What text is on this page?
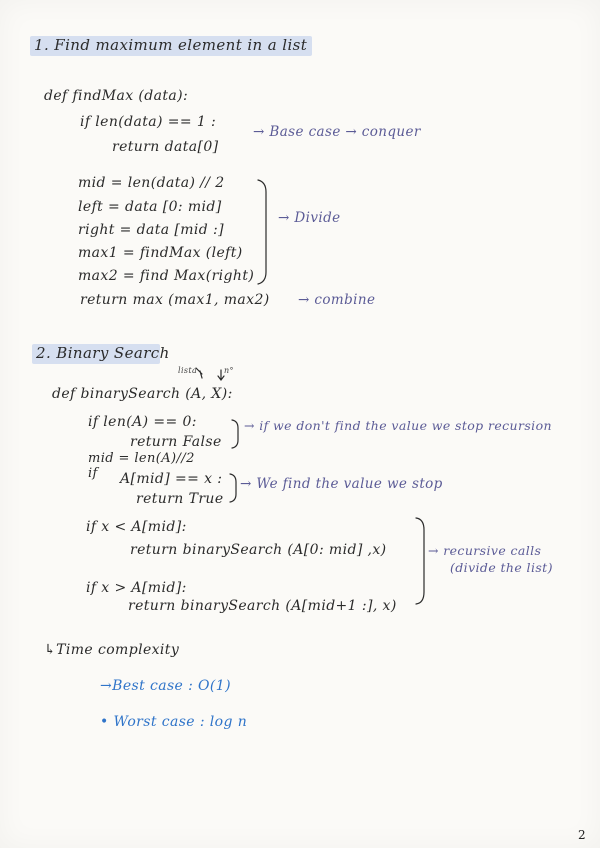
1. Find maximum element in a list
def findMax (data):
if len(data) == 1 :
return data[0]
→ Base case → conquer
mid = len(data) // 2
left = data [0: mid]
right = data [mid :]
max1 = findMax (left)
max2 = find Max(right)
→ Divide
return max (max1, max2) → combine
2. Binary Search
lista	n°
def binarySearch (A, X):
if len(A) == 0:
return False
→ if we don't find the value we stop recursion
mid = len(A)//2
if A[mid] == x :
return True
→ We find the value we stop
if x < A[mid]:
return binarySearch (A[0: mid] ,x)
if x > A[mid]:
return binarySearch (A[mid+1 :], x)
→ recursive calls
(divide the list)
↳Time complexity
→Best case : O(1)
• Worst case : log n
2
